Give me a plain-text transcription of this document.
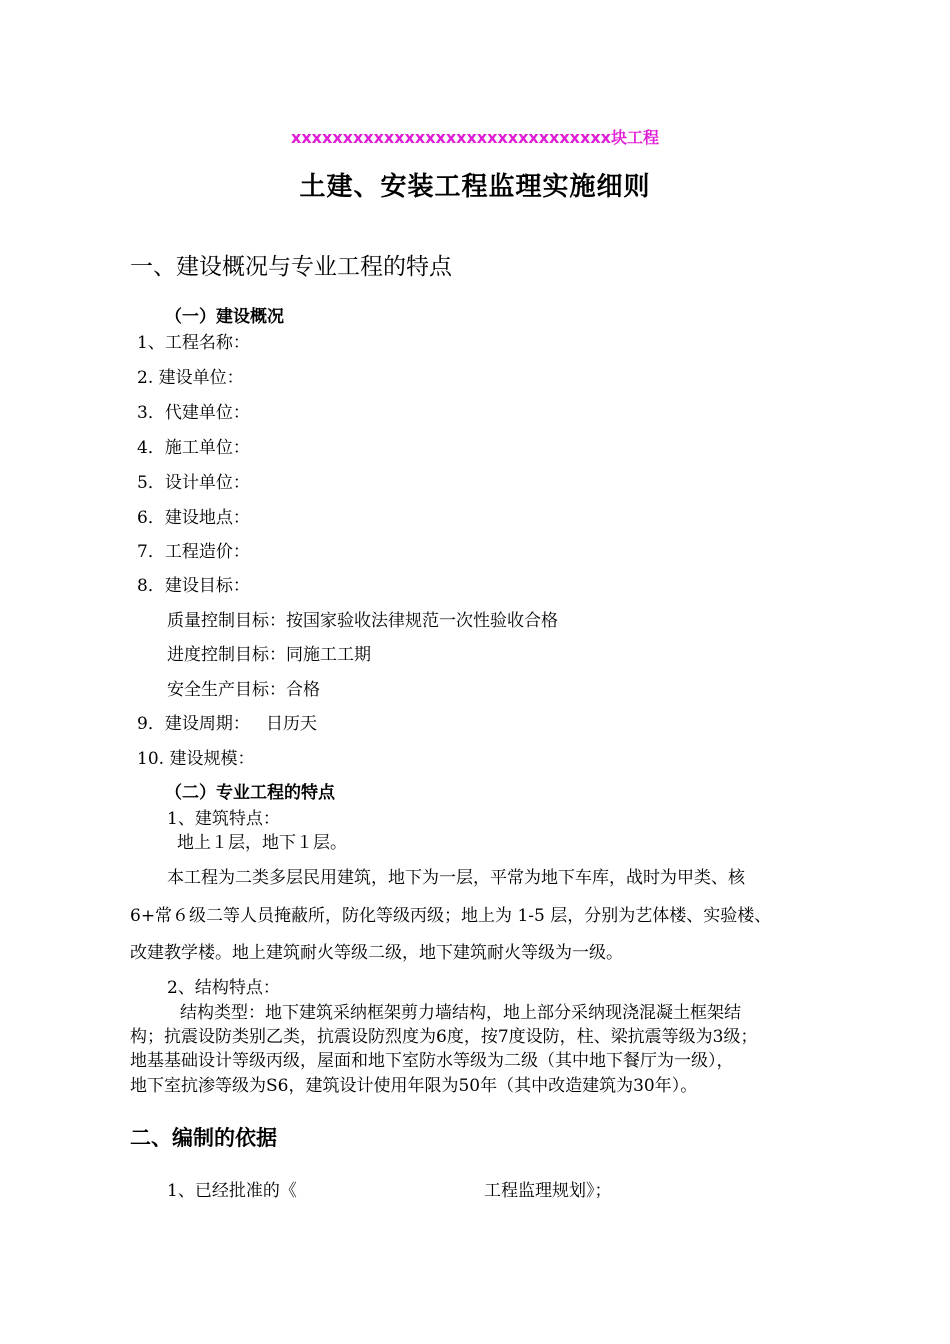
xxxxxxxxxxxxxxxxxxxxxxxxxxxxxxx块工程
土建、安装工程监理实施细则
一、建设概况与专业工程的特点
（一）建设概况
1、工程名称：
2. 建设单位：
3．代建单位：
4．施工单位：
5．设计单位：
6．建设地点：
7．工程造价：
8．建设目标：
质量控制目标：按国家验收法律规范一次性验收合格
进度控制目标：同施工工期
安全生产目标：合格
9．建设周期：   日历天
10. 建设规模：
（二）专业工程的特点
1、建筑特点：
地上１层，地下１层。
本工程为二类多层民用建筑，地下为一层，平常为地下车库，战时为甲类、核
6+常６级二等人员掩蔽所，防化等级丙级；地上为 1-5 层，分别为艺体楼、实验楼、
改建教学楼。地上建筑耐火等级二级，地下建筑耐火等级为一级。
2、结构特点：
结构类型：地下建筑采纳框架剪力墙结构，地上部分采纳现浇混凝土框架结
构；抗震设防类别乙类，抗震设防烈度为6度，按7度设防，柱、梁抗震等级为3级；
地基基础设计等级丙级，屋面和地下室防水等级为二级（其中地下餐厅为一级），
地下室抗渗等级为S6，建筑设计使用年限为50年（其中改造建筑为30年）。
二、编制的依据
1、已经批准的《	工程监理规划》；
